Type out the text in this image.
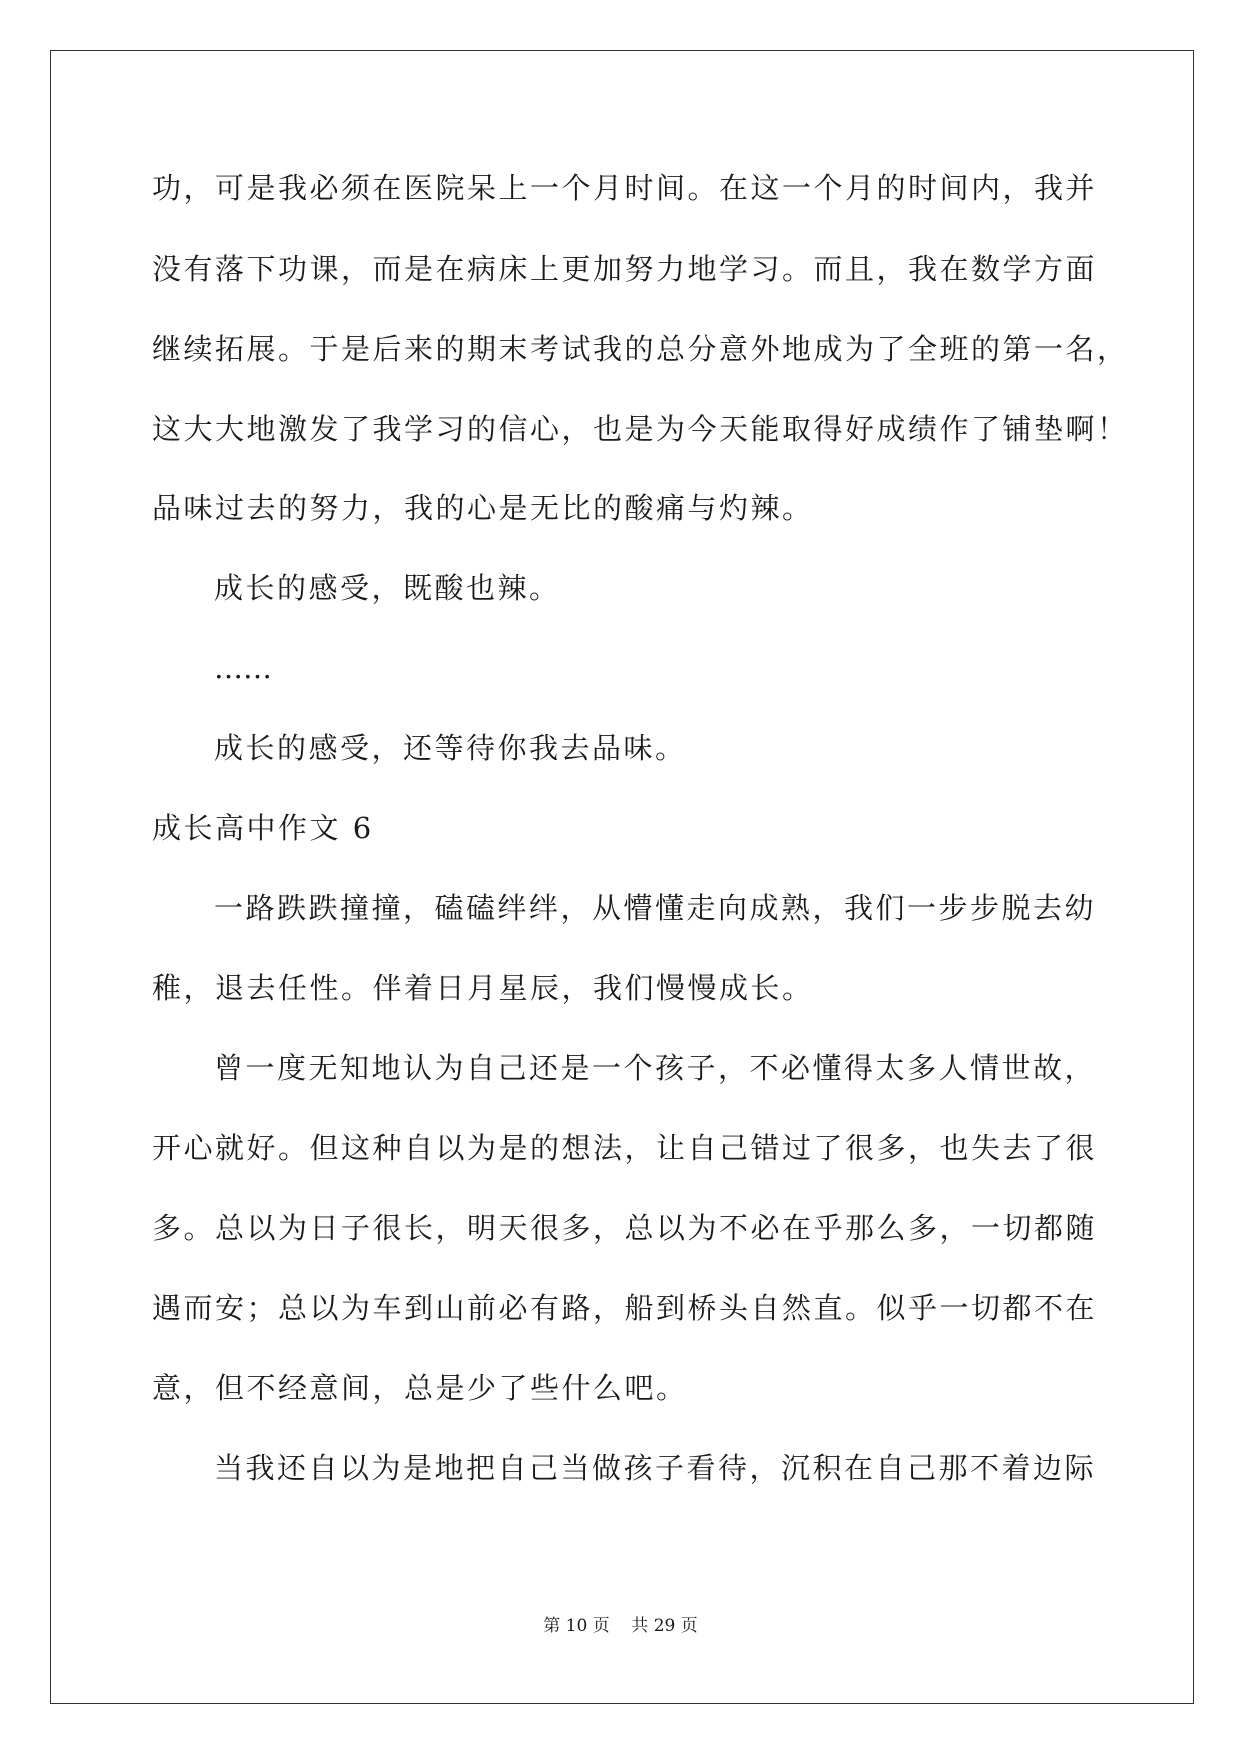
功，可是我必须在医院呆上一个月时间。在这一个月的时间内，我并
没有落下功课，而是在病床上更加努力地学习。而且，我在数学方面
继续拓展。于是后来的期末考试我的总分意外地成为了全班的第一名，
这大大地激发了我学习的信心，也是为今天能取得好成绩作了铺垫啊！
品味过去的努力，我的心是无比的酸痛与灼辣。
成长的感受，既酸也辣。
……
成长的感受，还等待你我去品味。
成长高中作文 6
一路跌跌撞撞，磕磕绊绊，从懵懂走向成熟，我们一步步脱去幼
稚，退去任性。伴着日月星辰，我们慢慢成长。
曾一度无知地认为自己还是一个孩子，不必懂得太多人情世故，
开心就好。但这种自以为是的想法，让自己错过了很多，也失去了很
多。总以为日子很长，明天很多，总以为不必在乎那么多，一切都随
遇而安；总以为车到山前必有路，船到桥头自然直。似乎一切都不在
意，但不经意间，总是少了些什么吧。
当我还自以为是地把自己当做孩子看待，沉积在自己那不着边际
第 10 页    共 29 页
